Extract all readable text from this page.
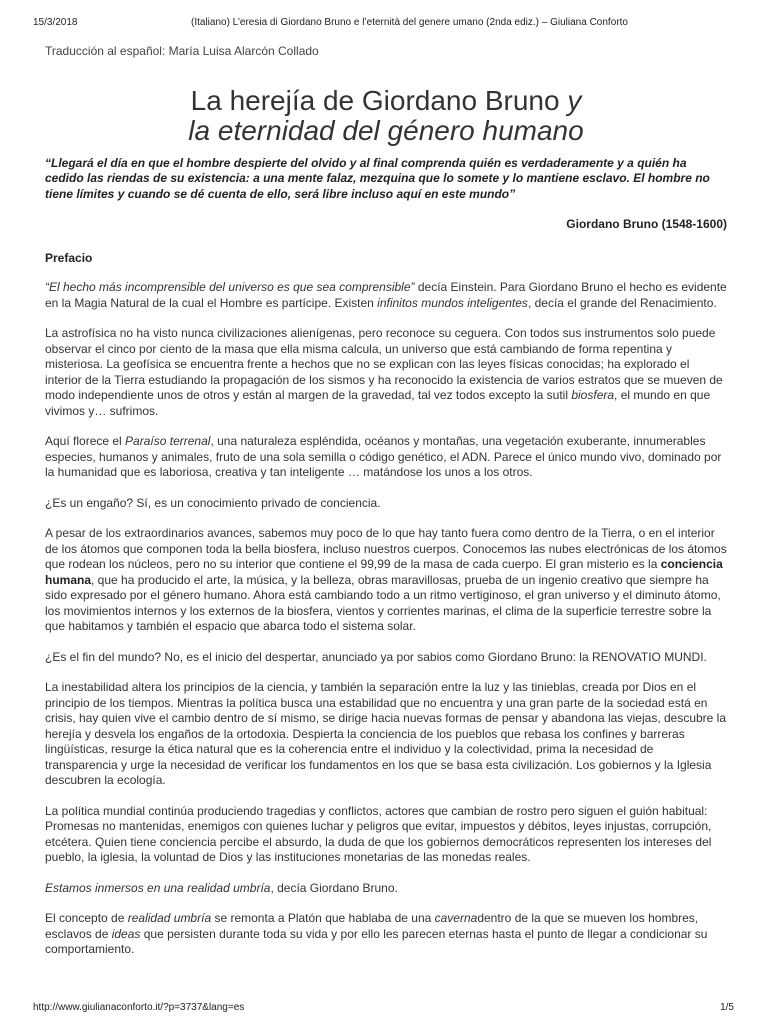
15/3/2018	(Italiano) L’eresia di Giordano Bruno e l’eternità del genere umano (2nda ediz.) – Giuliana Conforto
Traducción al español: María Luisa Alarcón Collado
La herejía de Giordano Bruno y
la eternidad del género humano
“Llegará el día en que el hombre despierte del olvido y al final comprenda quién es verdaderamente y a quién ha cedido las riendas de su existencia: a una mente falaz, mezquina que lo somete y lo mantiene esclavo. El hombre no tiene límites y cuando se dé cuenta de ello, será libre incluso aquí en este mundo”
Giordano Bruno (1548-1600)
Prefacio

“El hecho más incomprensible del universo es que sea comprensible” decía Einstein. Para Giordano Bruno el hecho es evidente en la Magia Natural de la cual el Hombre es partícipe. Existen infinitos mundos inteligentes, decía el grande del Renacimiento.

La astrofísica no ha visto nunca civilizaciones alienígenas, pero reconoce su ceguera. Con todos sus instrumentos solo puede observar el cinco por ciento de la masa que ella misma calcula, un universo que está cambiando de forma repentina y misteriosa. La geofísica se encuentra frente a hechos que no se explican con las leyes físicas conocidas; ha explorado el interior de la Tierra estudiando la propagación de los sismos y ha reconocido la existencia de varios estratos que se mueven de modo independiente unos de otros y están al margen de la gravedad, tal vez todos excepto la sutil biosfera, el mundo en que vivimos y… sufrimos.

Aquí florece el Paraíso terrenal, una naturaleza espléndida, océanos y montañas, una vegetación exuberante, innumerables especies, humanos y animales, fruto de una sola semilla o código genético, el ADN. Parece el único mundo vivo, dominado por la humanidad que es laboriosa, creativa y tan inteligente … matándose los unos a los otros.

¿Es un engaño? Sí, es un conocimiento privado de conciencia.

A pesar de los extraordinarios avances, sabemos muy poco de lo que hay tanto fuera como dentro de la Tierra, o en el interior de los átomos que componen toda la bella biosfera, incluso nuestros cuerpos. Conocemos las nubes electrónicas de los átomos que rodean los núcleos, pero no su interior que contiene el 99,99 de la masa de cada cuerpo. El gran misterio es la conciencia humana, que ha producido el arte, la música, y la belleza, obras maravillosas, prueba de un ingenio creativo que siempre ha sido expresado por el género humano. Ahora está cambiando todo a un ritmo vertiginoso, el gran universo y el diminuto átomo, los movimientos internos y los externos de la biosfera, vientos y corrientes marinas, el clima de la superficie terrestre sobre la que habitamos y también el espacio que abarca todo el sistema solar.

¿Es el fin del mundo? No, es el inicio del despertar, anunciado ya por sabios como Giordano Bruno: la RENOVATIO MUNDI.

La inestabilidad altera los principios de la ciencia, y también la separación entre la luz y las tinieblas, creada por Dios en el principio de los tiempos. Mientras la política busca una estabilidad que no encuentra y una gran parte de la sociedad está en crisis, hay quien vive el cambio dentro de sí mismo, se dirige hacia nuevas formas de pensar y abandona las viejas, descubre la herejía y desvela los engaños de la ortodoxia. Despierta la conciencia de los pueblos que rebasa los confines y barreras lingüísticas, resurge la ética natural que es la coherencia entre el individuo y la colectividad, prima la necesidad de transparencia y urge la necesidad de verificar los fundamentos en los que se basa esta civilización. Los gobiernos y la Iglesia descubren la ecología.

La política mundial continúa produciendo tragedias y conflictos, actores que cambian de rostro pero siguen el guión habitual: Promesas no mantenidas, enemigos con quienes luchar y peligros que evitar, impuestos y débitos, leyes injustas, corrupción, etcétera. Quien tiene conciencia percibe el absurdo, la duda de que los gobiernos democráticos representen los intereses del pueblo, la iglesia, la voluntad de Dios y las instituciones monetarias de las monedas reales.

Estamos inmersos en una realidad umbría, decía Giordano Bruno.

El concepto de realidad umbría se remonta a Platón que hablaba de una cavernadentro de la que se mueven los hombres, esclavos de ideas que persisten durante toda su vida y por ello les parecen eternas hasta el punto de llegar a condicionar su comportamiento.

http://www.giulianaconforto.it/?p=3737&lang=es	1/5
